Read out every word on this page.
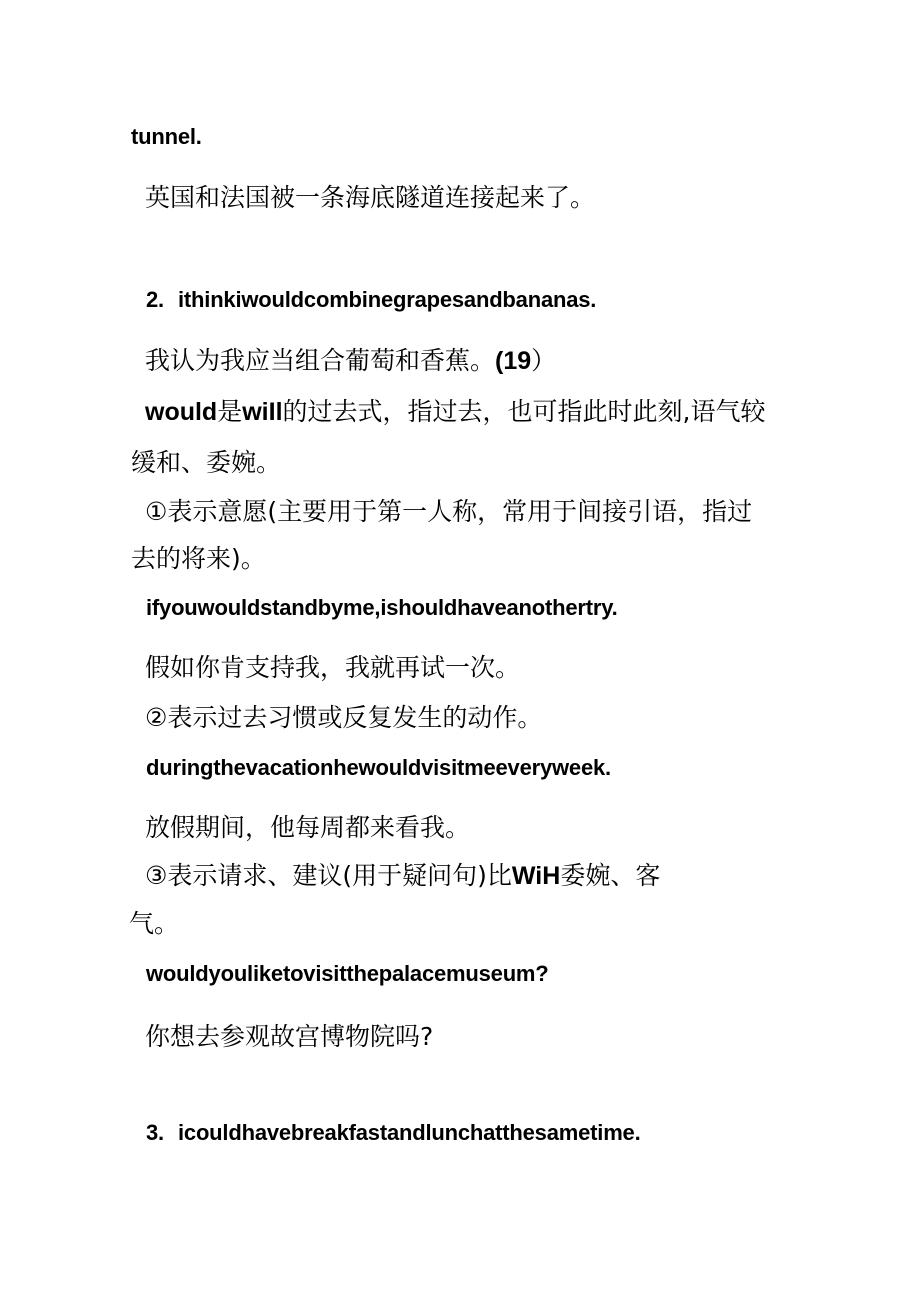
tunnel.
英国和法国被一条海底隧道连接起来了。
2. ithinkiwouldcombinegrapesandbananas.
我认为我应当组合葡萄和香蕉。(19）
would是wiIl的过去式，指过去，也可指此时此刻,语气较
缓和、委婉。
①表示意愿(主要用于第一人称，常用于间接引语，指过
去的将来)。
ifyouwouldstandbyme,ishouldhaveanothertry.
假如你肯支持我，我就再试一次。
②表示过去习惯或反复发生的动作。
duringthevacationhewouldvisitmeeveryweek.
放假期间，他每周都来看我。
③表示请求、建议(用于疑问句)比WiH委婉、客
气。
wouldyouliketovisitthepalacemuseum?
你想去参观故宫博物院吗?
3. icouldhavebreakfastandlunchatthesametime.
